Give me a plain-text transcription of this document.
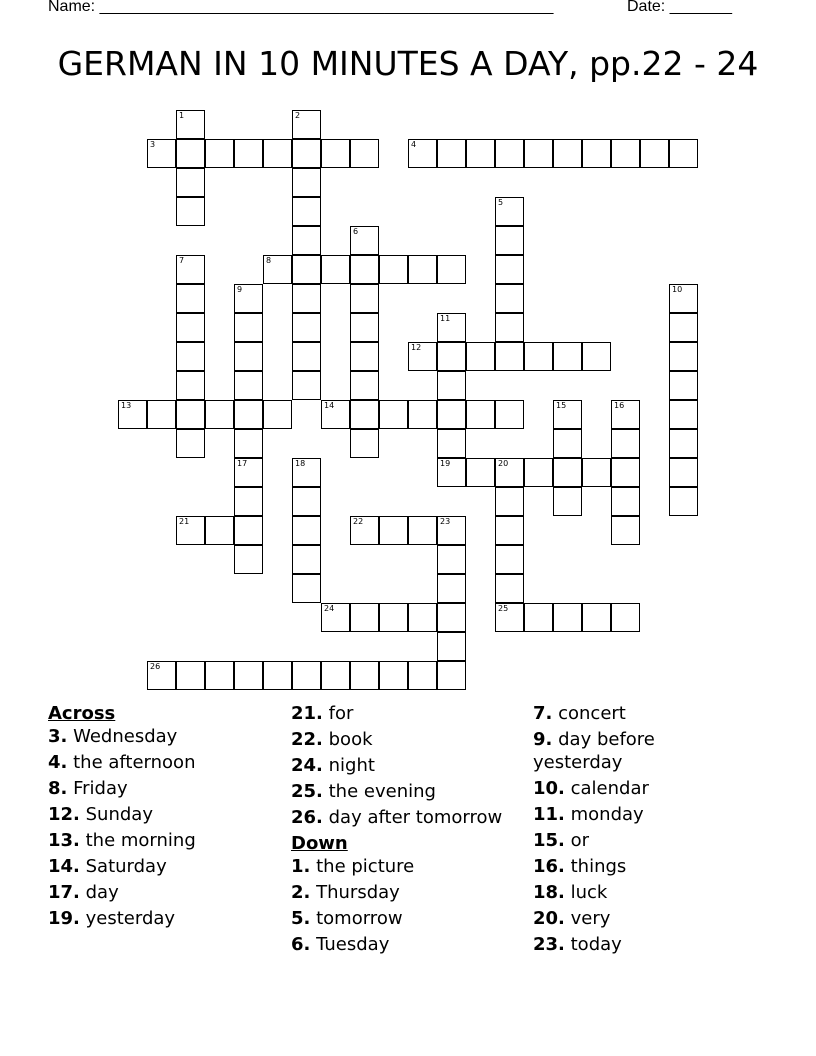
Name: ___________________________________________________	Date: _______
GERMAN IN 10 MINUTES A DAY, pp.22 - 24
1	2
3	4
5
6
7	8
9	10
11
19
12
13	14	15	16
17	18	20
21	22	23
24	25
26
Across
3. Wednesday
4. the afternoon
8. Friday
12. Sunday
13. the morning
14. Saturday
17. day
19. yesterday
21. for
22. book
24. night
25. the evening
26. day after tomorrow
Down
1. the picture
2. Thursday
5. tomorrow
6. Tuesday
7. concert
9. day before yesterday
10. calendar
11. monday
15. or
16. things
18. luck
20. very
23. today
